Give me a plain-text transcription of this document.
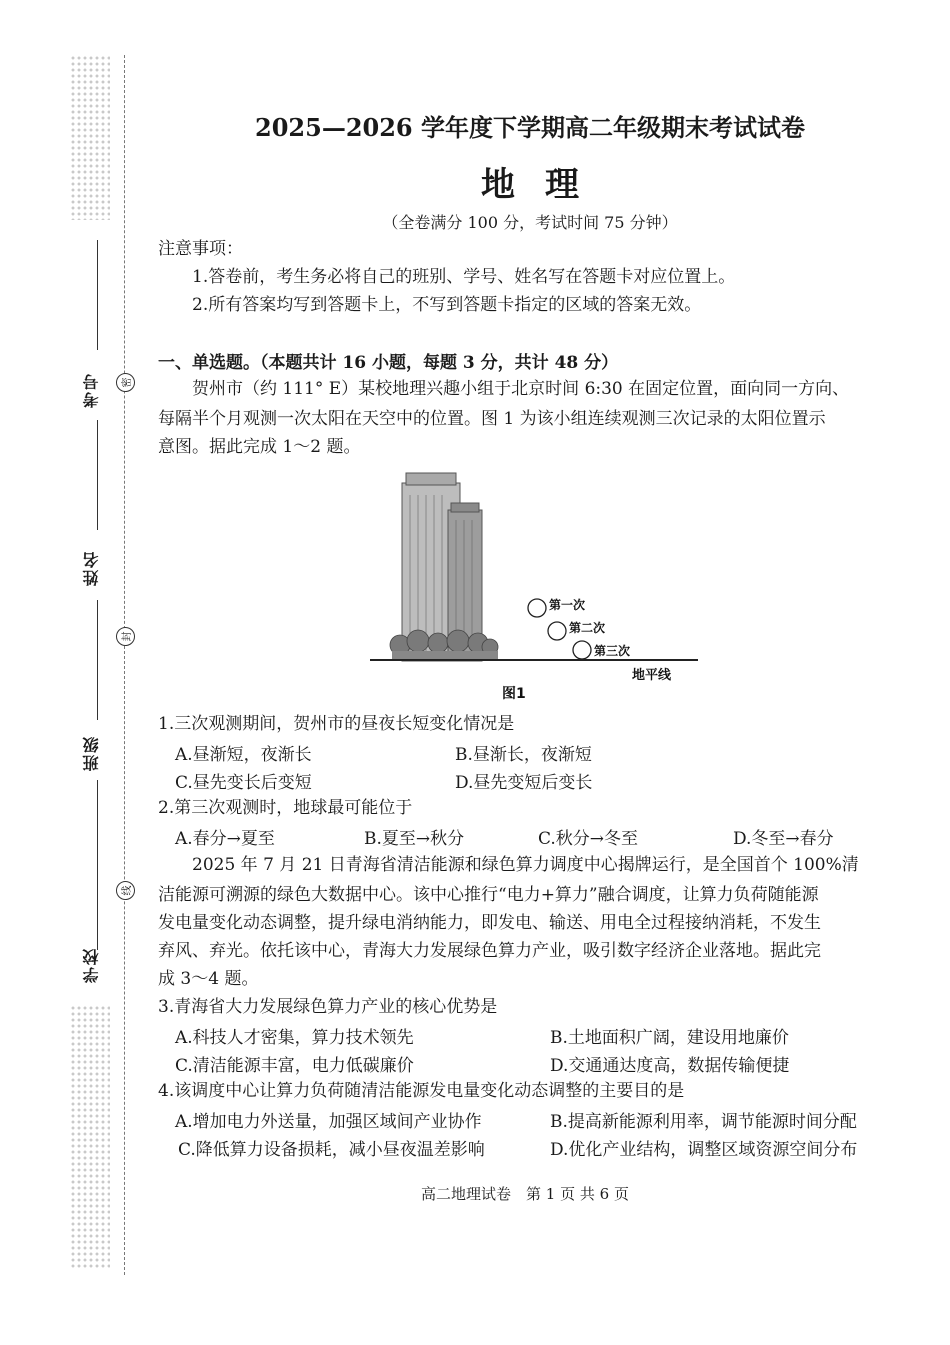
考号
姓名
班级
学校
密
封
线
2025—2026 学年度下学期高二年级期末考试试卷
地理
（全卷满分 100 分，考试时间 75 分钟）
注意事项：
1.答卷前，考生务必将自己的班别、学号、姓名写在答题卡对应位置上。
2.所有答案均写到答题卡上，不写到答题卡指定的区域的答案无效。
一、单选题。（本题共计 16 小题，每题 3 分，共计 48 分）
贺州市（约 111° E）某校地理兴趣小组于北京时间 6:30 在固定位置，面向同一方向、
每隔半个月观测一次太阳在天空中的位置。图 1 为该小组连续观测三次记录的太阳位置示
意图。据此完成 1～2 题。
第一次
第二次
第三次
地平线
图1
1.三次观测期间，贺州市的昼夜长短变化情况是
A.昼渐短，夜渐长	B.昼渐长，夜渐短
C.昼先变长后变短	D.昼先变短后变长
2.第三次观测时，地球最可能位于
A.春分→夏至	B.夏至→秋分	C.秋分→冬至	D.冬至→春分
2025 年 7 月 21 日青海省清洁能源和绿色算力调度中心揭牌运行，是全国首个 100%清
洁能源可溯源的绿色大数据中心。该中心推行“电力+算力”融合调度，让算力负荷随能源
发电量变化动态调整，提升绿电消纳能力，即发电、输送、用电全过程接纳消耗，不发生
弃风、弃光。依托该中心，青海大力发展绿色算力产业，吸引数字经济企业落地。据此完
成 3～4 题。
3.青海省大力发展绿色算力产业的核心优势是
A.科技人才密集，算力技术领先	B.土地面积广阔，建设用地廉价
C.清洁能源丰富，电力低碳廉价	D.交通通达度高，数据传输便捷
4.该调度中心让算力负荷随清洁能源发电量变化动态调整的主要目的是
A.增加电力外送量，加强区域间产业协作	B.提高新能源利用率，调节能源时间分配
C.降低算力设备损耗，减小昼夜温差影响	D.优化产业结构，调整区域资源空间分布
高二地理试卷　第 1 页 共 6 页
